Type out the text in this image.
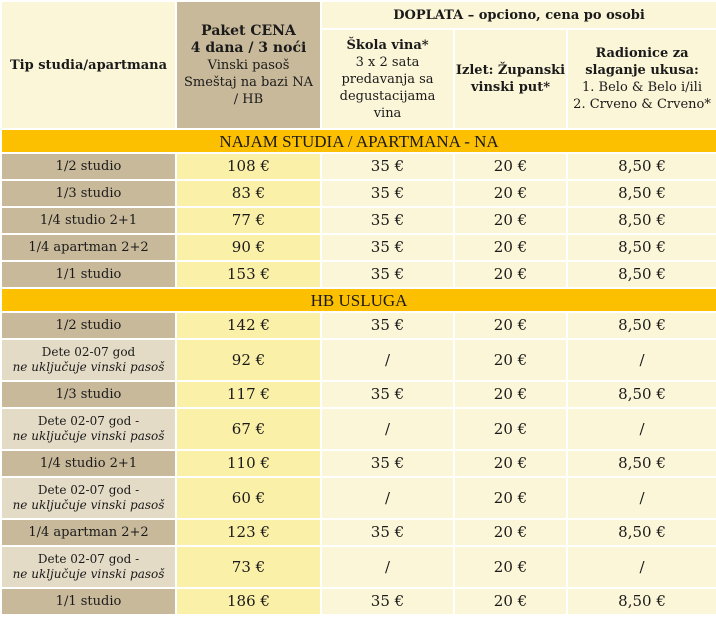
Tip studia/apartmana	Paket CENA
4 dana / 3 noći
Vinski pasoš
Smeštaj na bazi NA
/ HB	DOPLATA – opciono, cena po osobi		

		Škola vina*
3 x 2 sata
predavanja sa
degustacijama
vina	Izlet: Županski
vinski put*	Radionice za
slaganje ukusa:
1. Belo & Belo i/ili
2. Crveno & Crveno*

NAJAM STUDIA / APARTMANA - NA				
1/2 studio	108 €	35 €	20 €	8,50 €
1/3 studio	83 €	35 €	20 €	8,50 €
1/4 studio 2+1	77 €	35 €	20 €	8,50 €
1/4 apartman 2+2	90 €	35 €	20 €	8,50 €
1/1 studio	153 €	35 €	20 €	8,50 €
HB USLUGA				
1/2 studio	142 €	35 €	20 €	8,50 €
Dete 02-07 god
ne uključuje vinski pasoš	92 €	/	20 €	/
1/3 studio	117 €	35 €	20 €	8,50 €
Dete 02-07 god -
ne uključuje vinski pasoš	67 €	/	20 €	/
1/4 studio 2+1	110 €	35 €	20 €	8,50 €
Dete 02-07 god -
ne uključuje vinski pasoš	60 €	/	20 €	/
1/4 apartman 2+2	123 €	35 €	20 €	8,50 €
Dete 02-07 god -
ne uključuje vinski pasoš	73 €	/	20 €	/
1/1 studio	186 €	35 €	20 €	8,50 €
